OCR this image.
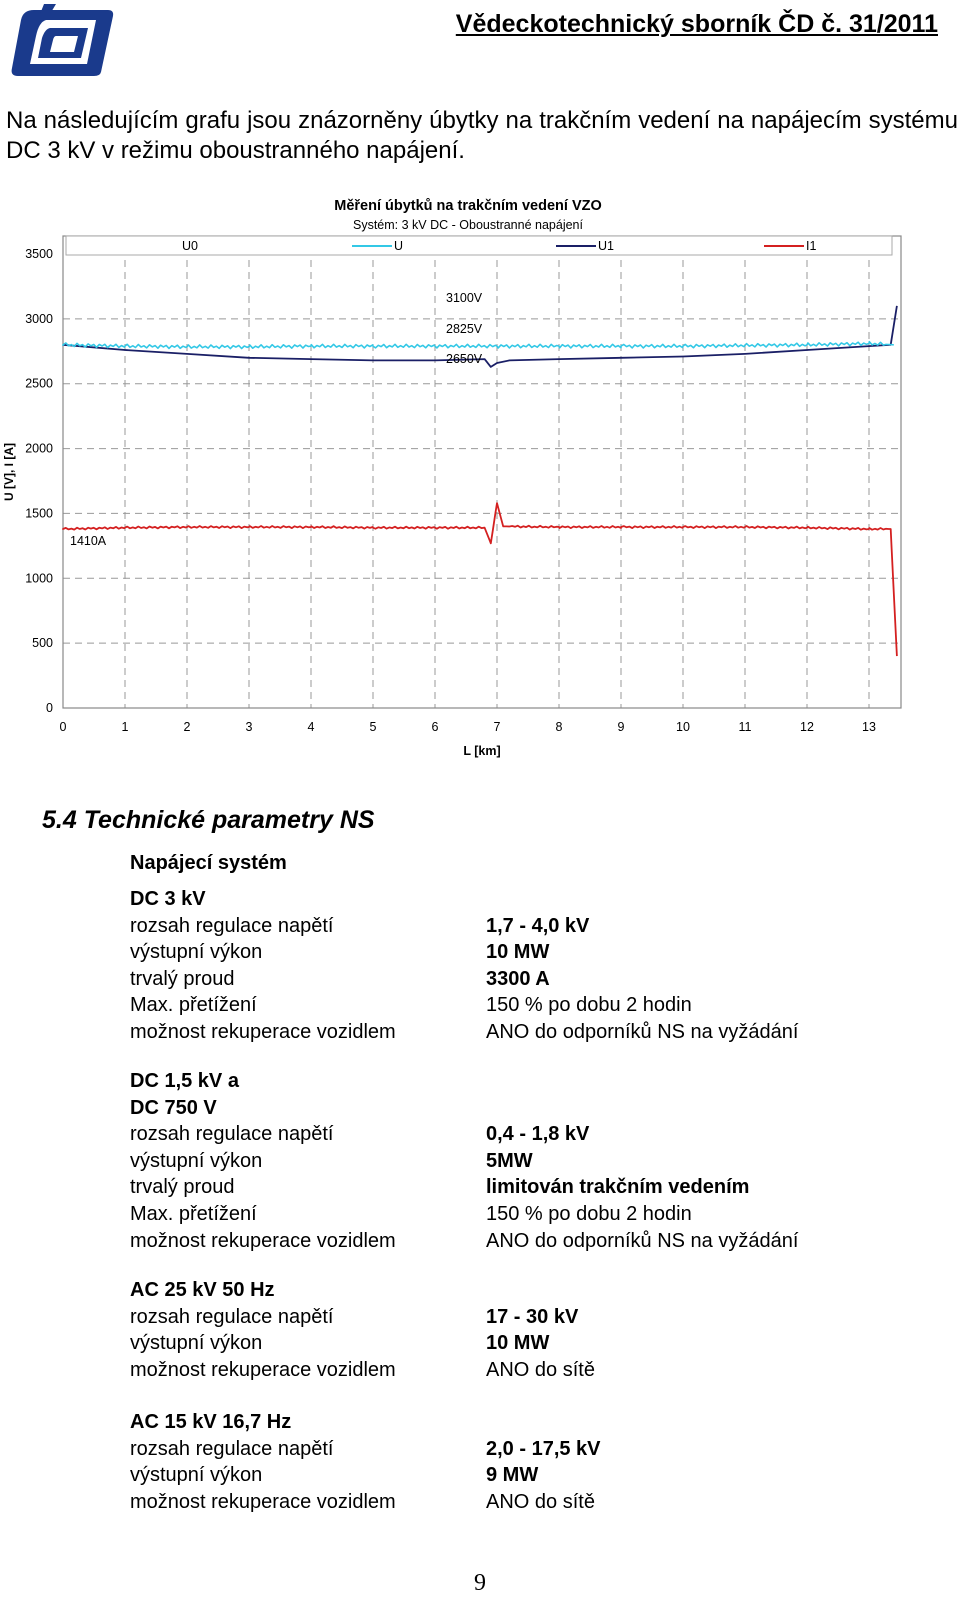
Vědeckotechnický sborník ČD č. 31/2011
Na následujícím grafu jsou znázorněny úbytky na trakčním vedení na napájecím systému DC 3 kV v režimu oboustranného napájení.
U0	U	U1	I1
Měření úbytků na trakčním vedení VZO
Systém: 3 kV DC - Oboustranné napájení
0
500
1000
1500
2000
2500
3000
3500
0	1	2	3	4	5	6	7	8	9	10	11	12	13
L [km]
U [V], I [A]
3100V
2825V
2650V
1410A
5.4 Technické parametry NS
Napájecí systém
DC 3 kV
rozsah regulace napětí	1,7 - 4,0 kV
výstupní výkon	10 MW
trvalý proud	3300 A
Max. přetížení	150 % po dobu 2 hodin
možnost rekuperace vozidlem	ANO do odporníků NS na vyžádání
DC 1,5 kV a
DC 750 V
rozsah regulace napětí	0,4 - 1,8 kV
výstupní výkon	5MW
trvalý proud	limitován trakčním vedením
Max. přetížení	150 % po dobu 2 hodin
možnost rekuperace vozidlem	ANO do odporníků NS na vyžádání
AC 25 kV 50 Hz
rozsah regulace napětí	17 - 30 kV
výstupní výkon	10 MW
možnost rekuperace vozidlem	ANO do sítě
AC 15 kV 16,7 Hz
rozsah regulace napětí	2,0 - 17,5 kV
výstupní výkon	9 MW
možnost rekuperace vozidlem	ANO do sítě
9
